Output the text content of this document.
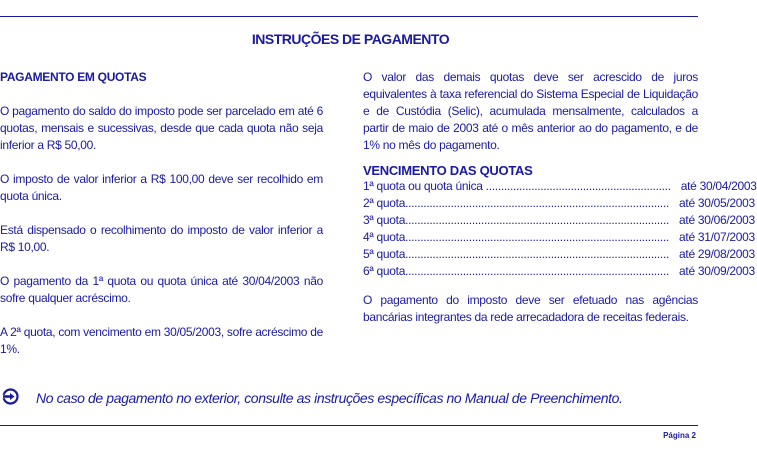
INSTRUÇÕES DE PAGAMENTO

PAGAMENTO EM QUOTAS

O pagamento do saldo do imposto pode ser parcelado em até 6 quotas, mensais e sucessivas, desde que cada quota não seja inferior a R$ 50,00.

O imposto de valor inferior a R$ 100,00 deve ser recolhido em quota única.

Está dispensado o recolhimento do imposto de valor inferior a R$ 10,00.

O pagamento da 1ª quota ou quota única até 30/04/2003 não sofre qualquer acréscimo.

A 2ª quota, com vencimento em 30/05/2003, sofre acréscimo de 1%.

O valor das demais quotas deve ser acrescido de juros equivalentes à taxa referencial do Sistema Especial de Liquidação e de Custódia (Selic), acumulada mensalmente, calculados a partir de maio de 2003 até o mês anterior ao do pagamento, e de 1% no mês do pagamento.

VENCIMENTO DAS QUOTAS

1ª quota ou quota única ............................................................. até 30/04/2003
2ª quota....................................................................................... até 30/05/2003
3ª quota....................................................................................... até 30/06/2003
4ª quota....................................................................................... até 31/07/2003
5ª quota....................................................................................... até 29/08/2003
6ª quota....................................................................................... até 30/09/2003

O pagamento do imposto deve ser efetuado nas agências bancárias integrantes da rede arrecadadora de receitas federais.

No caso de pagamento no exterior, consulte as instruções específicas no Manual de Preenchimento.
Página 2
